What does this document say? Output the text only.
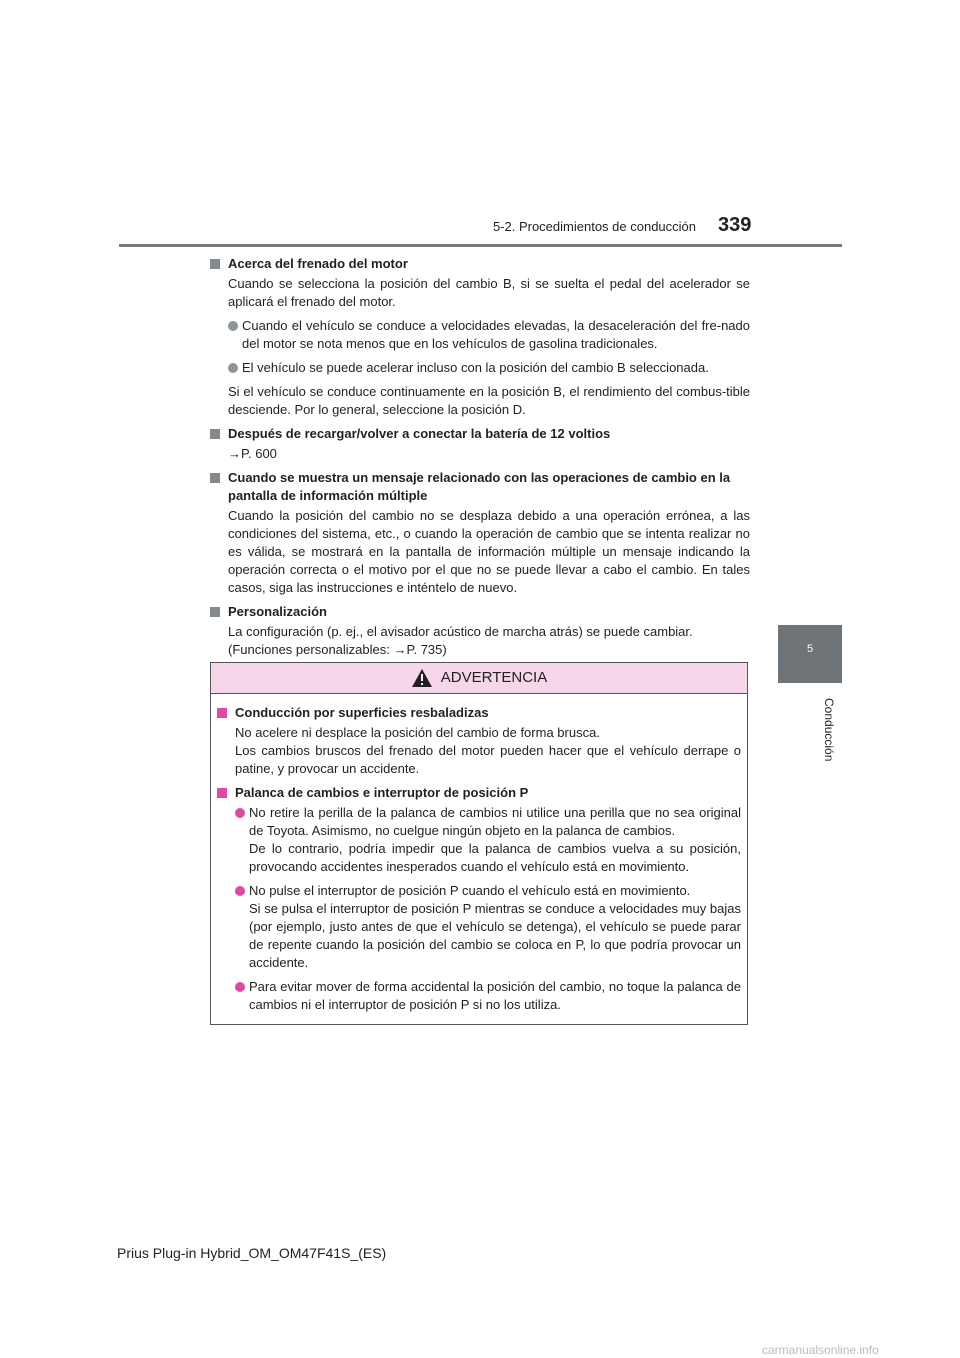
5-2. Procedimientos de conducción 339
5
Conducción
Acerca del frenado del motor
Cuando se selecciona la posición del cambio B, si se suelta el pedal del acelerador se aplicará el frenado del motor.
Cuando el vehículo se conduce a velocidades elevadas, la desaceleración del fre-nado del motor se nota menos que en los vehículos de gasolina tradicionales.
El vehículo se puede acelerar incluso con la posición del cambio B seleccionada.
Si el vehículo se conduce continuamente en la posición B, el rendimiento del combus-tible desciende. Por lo general, seleccione la posición D.
Después de recargar/volver a conectar la batería de 12 voltios
→P. 600
Cuando se muestra un mensaje relacionado con las operaciones de cambio en la pantalla de información múltiple
Cuando la posición del cambio no se desplaza debido a una operación errónea, a las condiciones del sistema, etc., o cuando la operación de cambio que se intenta realizar no es válida, se mostrará en la pantalla de información múltiple un mensaje indicando la operación correcta o el motivo por el que no se puede llevar a cabo el cambio. En tales casos, siga las instrucciones e inténtelo de nuevo.
Personalización
La configuración (p. ej., el avisador acústico de marcha atrás) se puede cambiar.
(Funciones personalizables: →P. 735)
ADVERTENCIA
Conducción por superficies resbaladizas
No acelere ni desplace la posición del cambio de forma brusca.
Los cambios bruscos del frenado del motor pueden hacer que el vehículo derrape o patine, y provocar un accidente.
Palanca de cambios e interruptor de posición P
No retire la perilla de la palanca de cambios ni utilice una perilla que no sea original de Toyota. Asimismo, no cuelgue ningún objeto en la palanca de cambios.
De lo contrario, podría impedir que la palanca de cambios vuelva a su posición, provocando accidentes inesperados cuando el vehículo está en movimiento.
No pulse el interruptor de posición P cuando el vehículo está en movimiento.
Si se pulsa el interruptor de posición P mientras se conduce a velocidades muy bajas (por ejemplo, justo antes de que el vehículo se detenga), el vehículo se puede parar de repente cuando la posición del cambio se coloca en P, lo que podría provocar un accidente.
Para evitar mover de forma accidental la posición del cambio, no toque la palanca de cambios ni el interruptor de posición P si no los utiliza.
Prius Plug-in Hybrid_OM_OM47F41S_(ES)
carmanualsonline.info
